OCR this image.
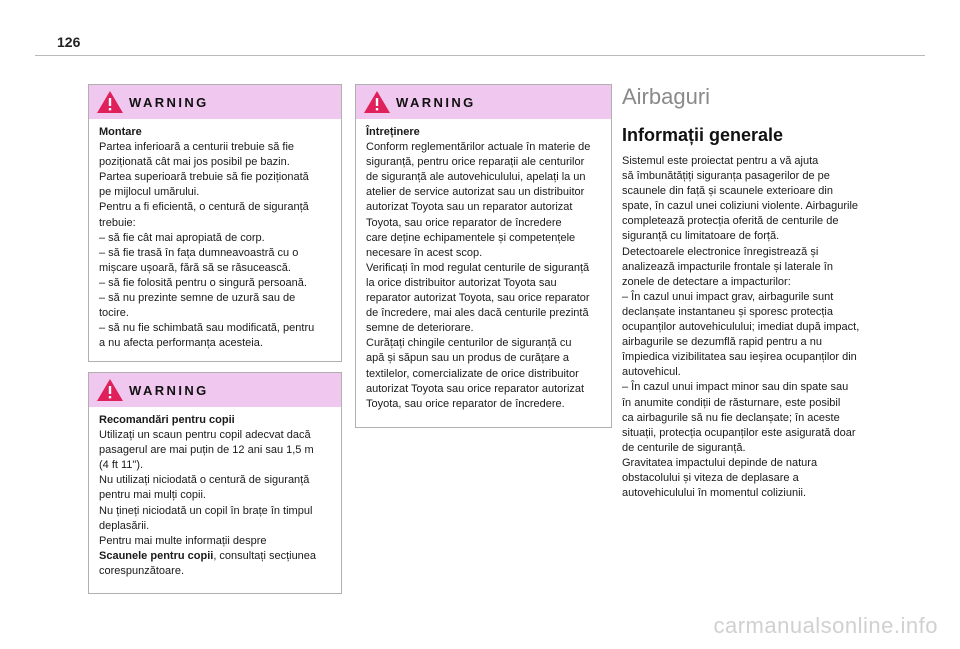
126
WARNING
Montare
Partea inferioară a centurii trebuie să fie
poziționată cât mai jos posibil pe bazin.
Partea superioară trebuie să fie poziționată
pe mijlocul umărului.
Pentru a fi eficientă, o centură de siguranță
trebuie:
– să fie cât mai apropiată de corp.
– să fie trasă în fața dumneavoastră cu o
mișcare ușoară, fără să se răsucească.
– să fie folosită pentru o singură persoană.
– să nu prezinte semne de uzură sau de
tocire.
– să nu fie schimbată sau modificată, pentru
a nu afecta performanța acesteia.
WARNING
Recomandări pentru copii
Utilizați un scaun pentru copil adecvat dacă
pasagerul are mai puțin de 12 ani sau 1,5 m
(4 ft 11").
Nu utilizați niciodată o centură de siguranță
pentru mai mulți copii.
Nu țineți niciodată un copil în brațe în timpul
deplasării.
Pentru mai multe informații despre
Scaunele pentru copii, consultați secțiunea
corespunzătoare.
WARNING
Întreținere
Conform reglementărilor actuale în materie de
siguranță, pentru orice reparații ale centurilor
de siguranță ale autovehiculului, apelați la un
atelier de service autorizat sau un distribuitor
autorizat Toyota sau un reparator autorizat
Toyota, sau orice reparator de încredere
care deține echipamentele și competențele
necesare în acest scop.
Verificați în mod regulat centurile de siguranță
la orice distribuitor autorizat Toyota sau
reparator autorizat Toyota, sau orice reparator
de încredere, mai ales dacă centurile prezintă
semne de deteriorare.
Curățați chingile centurilor de siguranță cu
apă și săpun sau un produs de curățare a
textilelor, comercializate de orice distribuitor
autorizat Toyota sau orice reparator autorizat
Toyota, sau orice reparator de încredere.
Airbaguri
Informații generale
Sistemul este proiectat pentru a vă ajuta
să îmbunătățiți siguranța pasagerilor de pe
scaunele din față și scaunele exterioare din
spate, în cazul unei coliziuni violente. Airbagurile
completează protecția oferită de centurile de
siguranță cu limitatoare de forță.
Detectoarele electronice înregistrează și
analizează impacturile frontale și laterale în
zonele de detectare a impacturilor:
– În cazul unui impact grav, airbagurile sunt
declanșate instantaneu și sporesc protecția
ocupanților autovehiculului; imediat după impact,
airbagurile se dezumflă rapid pentru a nu
împiedica vizibilitatea sau ieșirea ocupanților din
autovehicul.
– În cazul unui impact minor sau din spate sau
în anumite condiții de răsturnare, este posibil
ca airbagurile să nu fie declanșate; în aceste
situații, protecția ocupanților este asigurată doar
de centurile de siguranță.
Gravitatea impactului depinde de natura
obstacolului și viteza de deplasare a
autovehiculului în momentul coliziunii.
carmanualsonline.info
